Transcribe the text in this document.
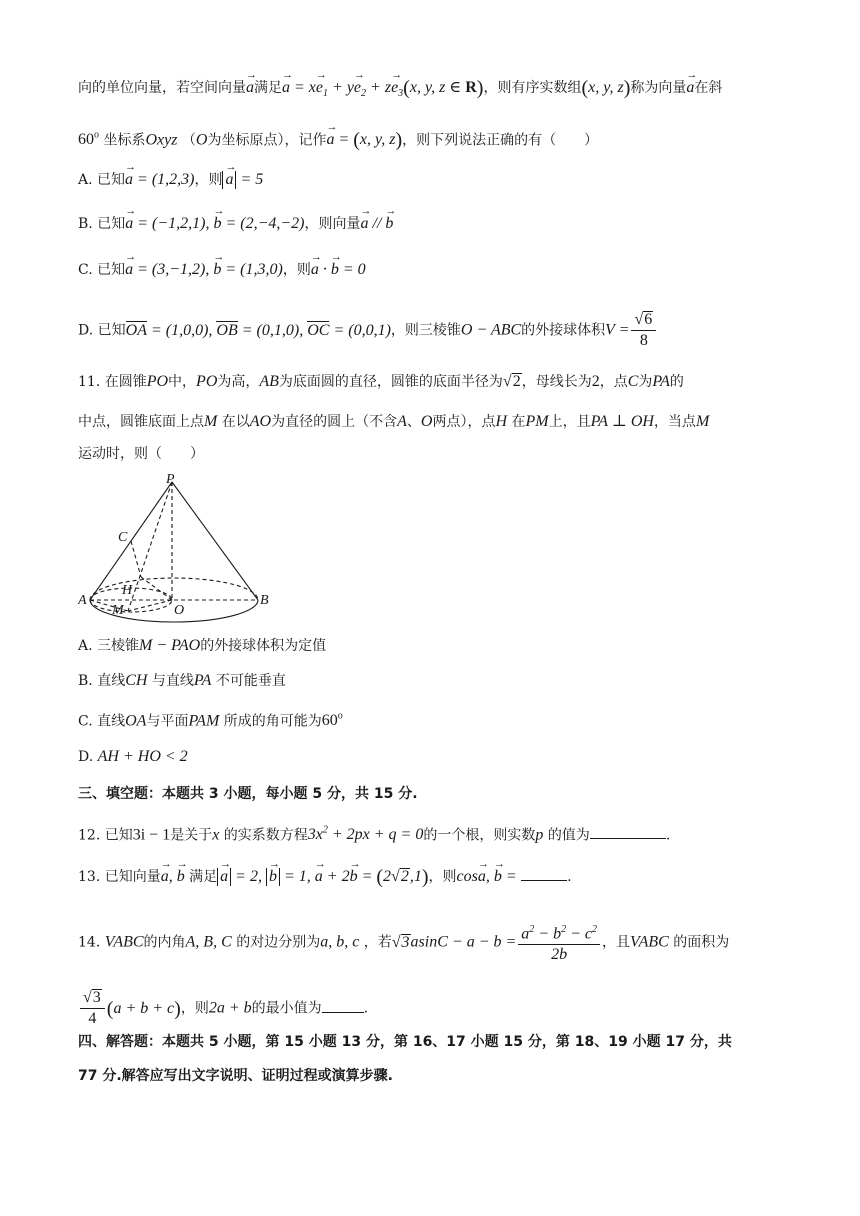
向的单位向量，若空间向量→ a满足→ $a = x\to e_1 + y\to e_2 + z\to e_3(x$, y, z ∈ R)，则有序实数组(x, y, z)称为向量→ a在斜
60$^o$ 坐标系Oxyz （O为坐标原点），记作→ a = (x, y, z)，则下列说法正确的有（　　）
A. 已知→ a = (1,2,3)，则 → a = 5
B. 已知→ a = (−1,2,1), → b = (2,−4,−2)，则向量→ a // → b
C. 已知→ a = (3,−1,2), → b = (1,3,0)，则→ a · → b = 0
D. 已知OA = (1,0,0), OB = (0,1,0), OC = (0,0,1)，则三棱锥O − ABC的外接球体积$V = \frac{√6}{8}$
11. 在圆锥PO中，PO为高，AB为底面圆的直径，圆锥的底面半径为√2，母线长为2，点C为PA的
中点，圆锥底面上点M 在以AO为直径的圆上（不含A、O两点），点H 在PM上，且PA ⊥ OH，当点M
运动时，则（　　）
P
C
H
A
M	O
B
A. 三棱锥M − PAO的外接球体积为定值
B. 直线CH 与直线PA 不可能垂直
C. 直线OA与平面PAM 所成的角可能为60$^o$
D. AH + HO < 2
三、填空题：本题共 3 小题，每小题 5 分，共 15 分.
12. 已知3i − 1是关于x 的实系数方程$3x^2 + 2px + q = 0$的一个根，则实数p 的值为	.
13. 已知向量→ a, → b 满足 → a = 2, → b = 1, → a + 2→ b = (2√2,1)，则cos→ a, → b =	.
14. VABC的内角A, B, C 的对边分别为a, b, c ，若$√3asinC - a - b = \frac{a^2 - b^2 - c^2}{2b}$ ，且VABC 的面积为
$\frac{√3}{4} (a + b + c)$，则2a + b的最小值为	.
四、解答题：本题共 5 小题，第 15 小题 13 分，第 16、17 小题 15 分，第 18、19 小题 17 分，共
77 分.解答应写出文字说明、证明过程或演算步骤.
